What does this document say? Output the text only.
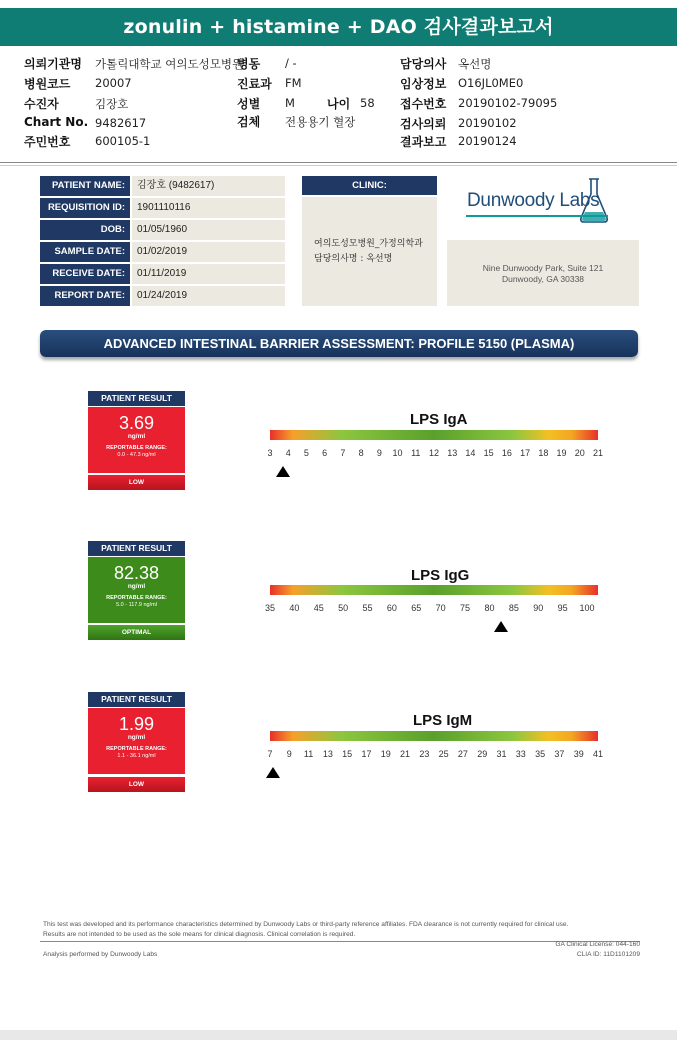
zonulin + histamine + DAO 검사결과보고서
의뢰기관명 가톨릭대학교 여의도성모병원
병원코드 20007
수진자	김장호
Chart No. 9482617
주민번호 600105-1
병동 / -
진료과 FM
성별 M
검체 전용용기 혈장
나이 58
담당의사 옥선명
임상정보 O16JL0ME0
접수번호 20190102-79095
검사의뢰 20190102
결과보고 20190124
PATIENT NAME:	김장호 (9482617)
REQUISITION ID:	1901110116
DOB:	01/05/1960
SAMPLE DATE:	01/02/2019
RECEIVE DATE:	01/11/2019
REPORT DATE:	01/24/2019
CLINIC:
여의도성모병원_가정의학과
담당의사명 : 옥선명
Dunwoody Labs
Nine Dunwoody Park, Suite 121
Dunwoody, GA 30338
ADVANCED INTESTINAL BARRIER ASSESSMENT: PROFILE 5150 (PLASMA)
PATIENT RESULT
3.69
ng/ml
REPORTABLE RANGE:
0.0 - 47.3 ng/ml
LOW
LPS IgA
3 4 5 6 7 8 9 10 11 12 13 14 15 16 17 18 19 20 21
PATIENT RESULT
82.38
ng/ml
REPORTABLE RANGE:
5.0 - 117.9 ng/ml
OPTIMAL
LPS IgG
35 40 45 50 55 60 65 70 75 80 85 90 95 100
PATIENT RESULT
1.99
ng/ml
REPORTABLE RANGE:
1.1 - 36.1 ng/ml
LOW
LPS IgM
7 9 11 13 15 17 19 21 23 25 27 29 31 33 35 37 39 41
This test was developed and its performance characteristics determined by Dunwoody Labs or third-party reference affiliates. FDA clearance is not currently required for clinical use.
Results are not intended to be used as the sole means for clinical diagnosis. Clinical correlation is required.
Analysis performed by Dunwoody Labs
GA Clinical License: 044-160
CLIA ID: 11D1101209
